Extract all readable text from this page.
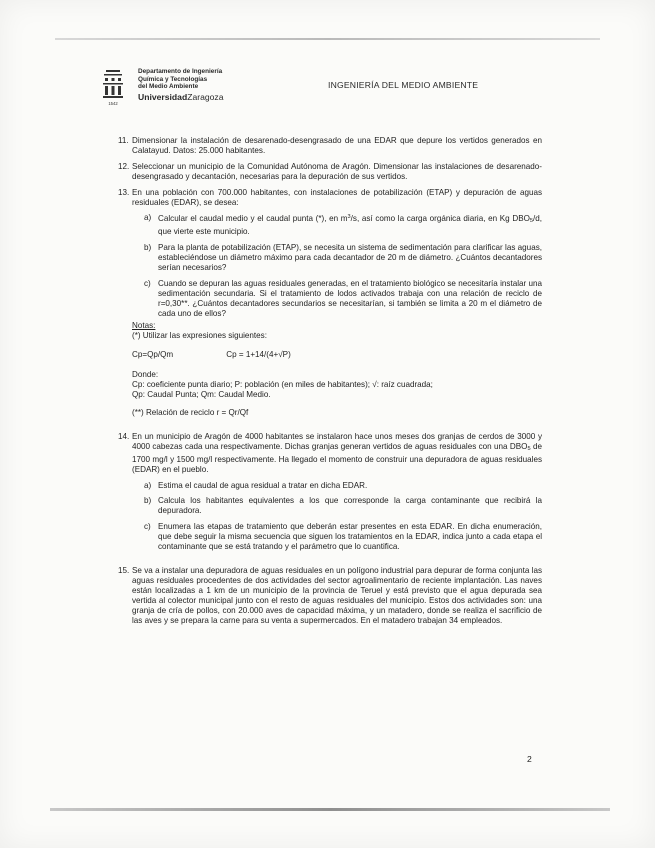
1542
Departamento de Ingeniería
Química y Tecnologías
del Medio Ambiente
UniversidadZaragoza
INGENIERÍA DEL MEDIO AMBIENTE
11. Dimensionar la instalación de desarenado-desengrasado de una EDAR que depure los vertidos generados en Calatayud. Datos: 25.000 habitantes.
12. Seleccionar un municipio de la Comunidad Autónoma de Aragón. Dimensionar las instalaciones de desarenado-desengrasado y decantación, necesarias para la depuración de sus vertidos.
13. En una población con 700.000 habitantes, con instalaciones de potabilización (ETAP) y depuración de aguas residuales (EDAR), se desea:
a) Calcular el caudal medio y el caudal punta (*), en $m^3/s$, así como la carga orgánica diaria, en Kg $DBO_5/d$, que vierte este municipio.
b) Para la planta de potabilización (ETAP), se necesita un sistema de sedimentación para clarificar las aguas, estableciéndose un diámetro máximo para cada decantador de 20 m de diámetro. ¿Cuántos decantadores serían necesarios?
c) Cuando se depuran las aguas residuales generadas, en el tratamiento biológico se necesitaría instalar una sedimentación secundaria. Si el tratamiento de lodos activados trabaja con una relación de reciclo de r=0,30**. ¿Cuántos decantadores secundarios se necesitarían, si también se limita a 20 m el diámetro de cada uno de ellos?
Notas:
(*) Utilizar las expresiones siguientes:
Cp=Qp/Qm	Cp = 1+14/(4+√P)
Donde:
Cp: coeficiente punta diario; P: población (en miles de habitantes); √: raíz cuadrada;
Qp: Caudal Punta; Qm: Caudal Medio.
(**) Relación de reciclo r = Qr/Qf
14. En un municipio de Aragón de 4000 habitantes se instalaron hace unos meses dos granjas de cerdos de 3000 y 4000 cabezas cada una respectivamente. Dichas granjas generan vertidos de aguas residuales con una $DBO_5$ de 1700 mg/l y 1500 mg/l respectivamente. Ha llegado el momento de construir una depuradora de aguas residuales (EDAR) en el pueblo.
a) Estima el caudal de agua residual a tratar en dicha EDAR.
b) Calcula los habitantes equivalentes a los que corresponde la carga contaminante que recibirá la depuradora.
c) Enumera las etapas de tratamiento que deberán estar presentes en esta EDAR. En dicha enumeración, que debe seguir la misma secuencia que siguen los tratamientos en la EDAR, indica junto a cada etapa el contaminante que se está tratando y el parámetro que lo cuantifica.
15. Se va a instalar una depuradora de aguas residuales en un polígono industrial para depurar de forma conjunta las aguas residuales procedentes de dos actividades del sector agroalimentario de reciente implantación. Las naves están localizadas a 1 km de un municipio de la provincia de Teruel y está previsto que el agua depurada sea vertida al colector municipal junto con el resto de aguas residuales del municipio. Estos dos actividades son: una granja de cría de pollos, con 20.000 aves de capacidad máxima, y un matadero, donde se realiza el sacrificio de las aves y se prepara la carne para su venta a supermercados. En el matadero trabajan 34 empleados.
2
